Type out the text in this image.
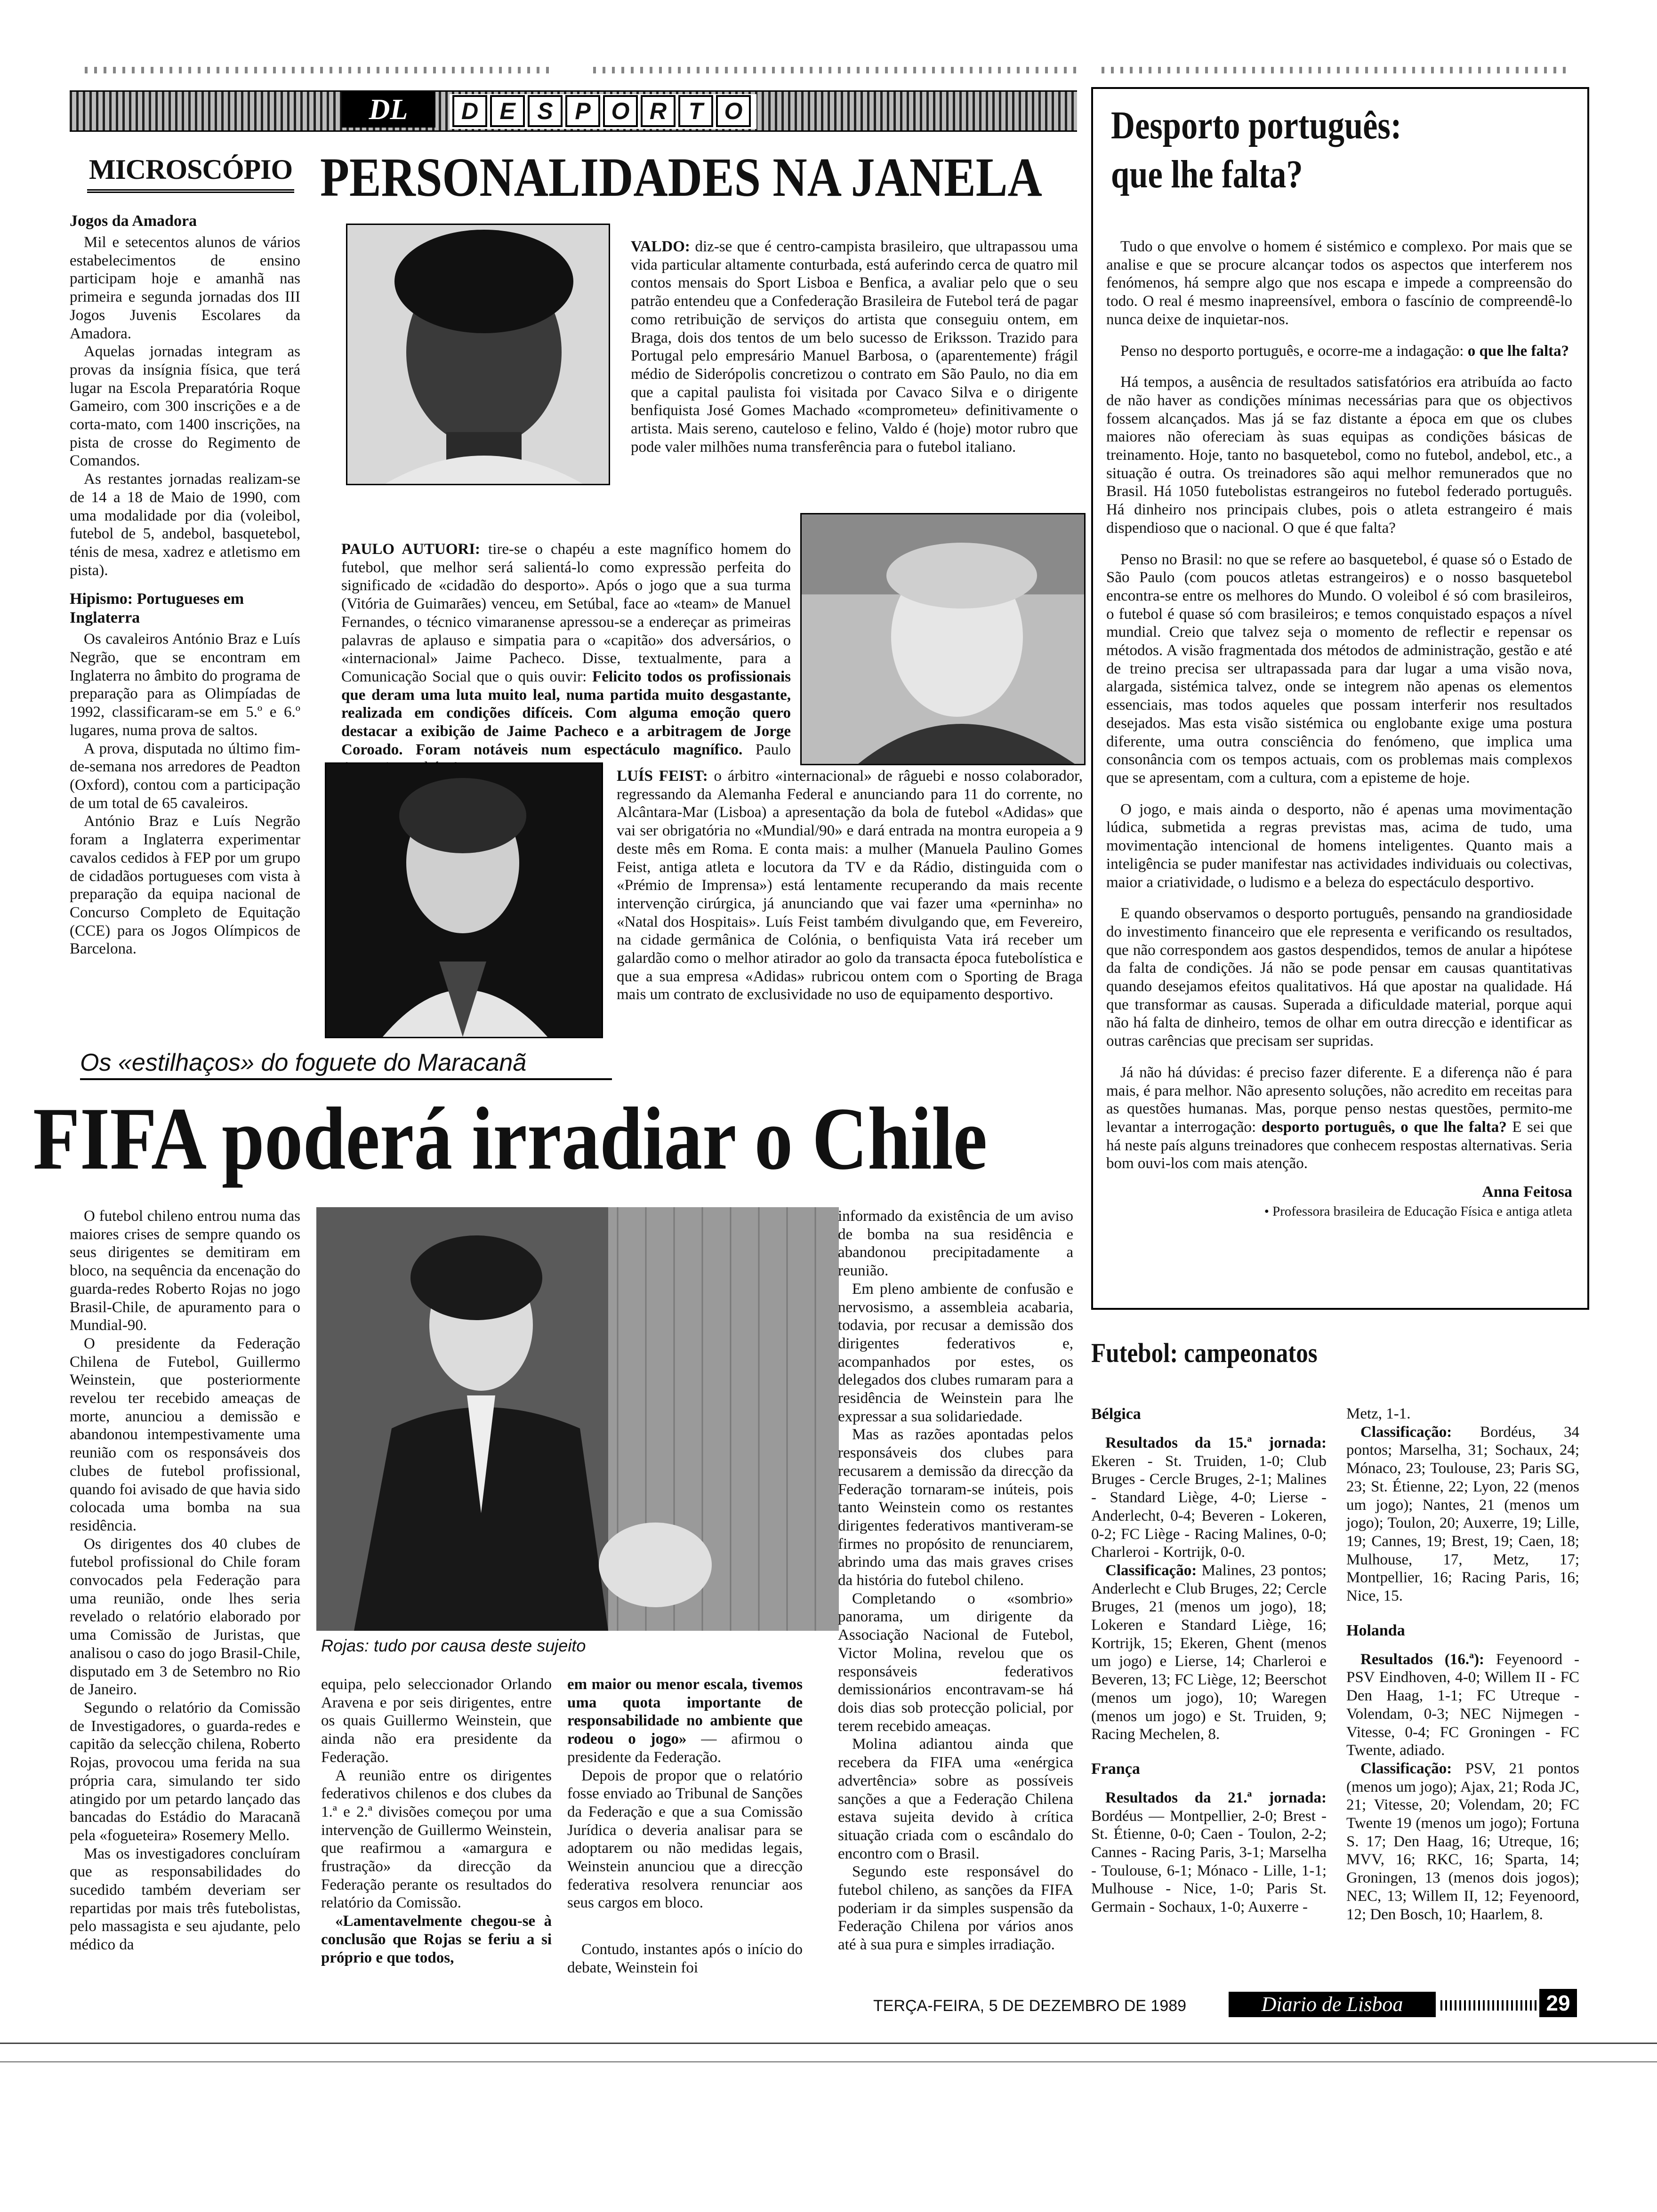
DL	D E S P O R T O
MICROSCÓPIO
Jogos da Amadora

Mil e setecentos alunos de vários estabelecimentos de ensino participam hoje e amanhã nas primeira e segunda jornadas dos III Jogos Juvenis Escolares da Amadora.

Aquelas jornadas integram as provas da insígnia física, que terá lugar na Escola Preparatória Roque Gameiro, com 300 inscrições e a de corta-mato, com 1400 inscrições, na pista de crosse do Regimento de Comandos.

As restantes jornadas realizam-se de 14 a 18 de Maio de 1990, com uma modalidade por dia (voleibol, futebol de 5, andebol, basquetebol, ténis de mesa, xadrez e atletismo em pista).

Hipismo: Portugueses em Inglaterra

Os cavaleiros António Braz e Luís Negrão, que se encontram em Inglaterra no âmbito do programa de preparação para as Olimpíadas de 1992, classificaram-se em 5.º e 6.º lugares, numa prova de saltos.

A prova, disputada no último fim-de-semana nos arredores de Peadton (Oxford), contou com a participação de um total de 65 cavaleiros.

António Braz e Luís Negrão foram a Inglaterra experimentar cavalos cedidos à FEP por um grupo de cidadãos portugueses com vista à preparação da equipa nacional de Concurso Completo de Equitação (CCE) para os Jogos Olímpicos de Barcelona.

PERSONALIDADES NA JANELA

VALDO: diz-se que é centro-campista brasileiro, que ultrapassou uma vida particular altamente conturbada, está auferindo cerca de quatro mil contos mensais do Sport Lisboa e Benfica, a avaliar pelo que o seu patrão entendeu que a Confederação Brasileira de Futebol terá de pagar como retribuição de serviços do artista que conseguiu ontem, em Braga, dois dos tentos de um belo sucesso de Eriksson. Trazido para Portugal pelo empresário Manuel Barbosa, o (aparentemente) frágil médio de Siderópolis concretizou o contrato em São Paulo, no dia em que a capital paulista foi visitada por Cavaco Silva e o dirigente benfiquista José Gomes Machado «comprometeu» definitivamente o artista. Mais sereno, cauteloso e felino, Valdo é (hoje) motor rubro que pode valer milhões numa transferência para o futebol italiano.

PAULO AUTUORI: tire-se o chapéu a este magnífico homem do futebol, que melhor será salientá-lo como expressão perfeita do significado de «cidadão do desporto». Após o jogo que a sua turma (Vitória de Guimarães) venceu, em Setúbal, face ao «team» de Manuel Fernandes, o técnico vimaranense apressou-se a endereçar as primeiras palavras de aplauso e simpatia para o «capitão» dos adversários, o «internacional» Jaime Pacheco. Disse, textualmente, para a Comunicação Social que o quis ouvir: Felicito todos os profissionais que deram uma luta muito leal, numa partida muito desgastante, realizada em condições difíceis. Com alguma emoção quero destacar a exibição de Jaime Pacheco e a arbitragem de Jorge Coroado. Foram notáveis num espectáculo magnífico. Paulo

LUÍS FEIST: o árbitro «internacional» de râguebi e nosso colaborador, regressando da Alemanha Federal e anunciando para 11 do corrente, no Alcântara-Mar (Lisboa) a apresentação da bola de futebol «Adidas» que vai ser obrigatória no «Mundial/90» e dará entrada na montra europeia a 9 deste mês em Roma. E conta mais: a mulher (Manuela Paulino Gomes Feist, antiga atleta e locutora da TV e da Rádio, distinguida com o «Prémio de Imprensa») está lentamente recuperando da mais recente intervenção cirúrgica, já anunciando que vai fazer uma «perninha» no «Natal dos Hospitais». Luís Feist também divulgando que, em Fevereiro, na cidade germânica de Colónia, o benfiquista Vata irá receber um galardão como o melhor atirador ao golo da transacta época futebolística e que a sua empresa «Adidas» rubricou ontem com o Sporting de Braga mais um contrato de exclusividade no uso de equipamento desportivo.

Os «estilhaços» do foguete do Maracanã
FIFA poderá irradiar o Chile
Rojas: tudo por causa deste sujeito

O futebol chileno entrou numa das maiores crises de sempre quando os seus dirigentes se demitiram em bloco, na sequência da encenação do guarda-redes Roberto Rojas no jogo Brasil-Chile, de apuramento para o Mundial-90.

O presidente da Federação Chilena de Futebol, Guillermo Weinstein, que posteriormente revelou ter recebido ameaças de morte, anunciou a demissão e abandonou intempestivamente uma reunião com os responsáveis dos clubes de futebol profissional, quando foi avisado de que havia sido colocada uma bomba na sua residência.

Os dirigentes dos 40 clubes de futebol profissional do Chile foram convocados pela Federação para uma reunião, onde lhes seria revelado o relatório elaborado por uma Comissão de Juristas, que analisou o caso do jogo Brasil-Chile, disputado em 3 de Setembro no Rio de Janeiro.

Segundo o relatório da Comissão de Investigadores, o guarda-redes e capitão da selecção chilena, Roberto Rojas, provocou uma ferida na sua própria cara, simulando ter sido atingido por um petardo lançado das bancadas do Estádio do Maracanã pela «fogueteira» Rosemery Mello.

Mas os investigadores concluíram que as responsabilidades do sucedido também deveriam ser repartidas por mais três futebolistas, pelo massagista e seu ajudante, pelo médico da

equipa, pelo seleccionador Orlando Aravena e por seis dirigentes, entre os quais Guillermo Weinstein, que ainda não era presidente da Federação.

A reunião entre os dirigentes federativos chilenos e dos clubes da 1.ª e 2.ª divisões começou por uma intervenção de Guillermo Weinstein, que reafirmou a «amargura e frustração» da direcção da Federação perante os resultados do relatório da Comissão.

«Lamentavelmente chegou-se à conclusão que Rojas se feriu a si próprio e que todos,

em maior ou menor escala, tivemos uma quota importante de responsabilidade no ambiente que rodeou o jogo» — afirmou o presidente da Federação.

Depois de propor que o relatório fosse enviado ao Tribunal de Sanções da Federação e que a sua Comissão Jurídica o deveria analisar para se adoptarem ou não medidas legais, Weinstein anunciou que a direcção federativa resolvera renunciar aos seus cargos em bloco.

Contudo, instantes após o início do debate, Weinstein foi

informado da existência de um aviso de bomba na sua residência e abandonou precipitadamente a reunião.

Em pleno ambiente de confusão e nervosismo, a assembleia acabaria, todavia, por recusar a demissão dos dirigentes federativos e, acompanhados por estes, os delegados dos clubes rumaram para a residência de Weinstein para lhe expressar a sua solidariedade.

Mas as razões apontadas pelos responsáveis dos clubes para recusarem a demissão da direcção da Federação tornaram-se inúteis, pois tanto Weinstein como os restantes dirigentes federativos mantiveram-se firmes no propósito de renunciarem, abrindo uma das mais graves crises da história do futebol chileno.

Completando o «sombrio» panorama, um dirigente da Associação Nacional de Futebol, Victor Molina, revelou que os responsáveis federativos demissionários encontravam-se há dois dias sob protecção policial, por terem recebido ameaças.

Molina adiantou ainda que recebera da FIFA uma «enérgica advertência» sobre as possíveis sanções a que a Federação Chilena estava sujeita devido à crítica situação criada com o escândalo do encontro com o Brasil.

Segundo este responsável do futebol chileno, as sanções da FIFA poderiam ir da simples suspensão da Federação Chilena por vários anos até à sua pura e simples irradiação.

Desporto português:
que lhe falta?

Tudo o que envolve o homem é sistémico e complexo. Por mais que se analise e que se procure alcançar todos os aspectos que interferem nos fenómenos, há sempre algo que nos escapa e impede a compreensão do todo. O real é mesmo inapreensível, embora o fascínio de compreendê-lo nunca deixe de inquietar-nos.

Penso no desporto português, e ocorre-me a indagação: o que lhe falta?

Há tempos, a ausência de resultados satisfatórios era atribuída ao facto de não haver as condições mínimas necessárias para que os objectivos fossem alcançados. Mas já se faz distante a época em que os clubes maiores não ofereciam às suas equipas as condições básicas de treinamento. Hoje, tanto no basquetebol, como no futebol, andebol, etc., a situação é outra. Os treinadores são aqui melhor remunerados que no Brasil. Há 1050 futebolistas estrangeiros no futebol federado português. Há dinheiro nos principais clubes, pois o atleta estrangeiro é mais dispendioso que o nacional. O que é que falta?

Penso no Brasil: no que se refere ao basquetebol, é quase só o Estado de São Paulo (com poucos atletas estrangeiros) e o nosso basquetebol encontra-se entre os melhores do Mundo. O voleibol é só com brasileiros, o futebol é quase só com brasileiros; e temos conquistado espaços a nível mundial. Creio que talvez seja o momento de reflectir e repensar os métodos. A visão fragmentada dos métodos de administração, gestão e até de treino precisa ser ultrapassada para dar lugar a uma visão nova, alargada, sistémica talvez, onde se integrem não apenas os elementos essenciais, mas todos aqueles que possam interferir nos resultados desejados. Mas esta visão sistémica ou englobante exige uma postura diferente, uma outra consciência do fenómeno, que implica uma consonância com os tempos actuais, com os problemas mais complexos que se apresentam, com a cultura, com a episteme de hoje.

O jogo, e mais ainda o desporto, não é apenas uma movimentação lúdica, submetida a regras previstas mas, acima de tudo, uma movimentação intencional de homens inteligentes. Quanto mais a inteligência se puder manifestar nas actividades individuais ou colectivas, maior a criatividade, o ludismo e a beleza do espectáculo desportivo.

E quando observamos o desporto português, pensando na grandiosidade do investimento financeiro que ele representa e verificando os resultados, que não correspondem aos gastos despendidos, temos de anular a hipótese da falta de condições. Já não se pode pensar em causas quantitativas quando desejamos efeitos qualitativos. Há que apostar na qualidade. Há que transformar as causas. Superada a dificuldade material, porque aqui não há falta de dinheiro, temos de olhar em outra direcção e identificar as outras carências que precisam ser supridas.

Já não há dúvidas: é preciso fazer diferente. E a diferença não é para mais, é para melhor. Não apresento soluções, não acredito em receitas para as questões humanas. Mas, porque penso nestas questões, permito-me levantar a interrogação: desporto português, o que lhe falta? E sei que há neste país alguns treinadores que conhecem respostas alternativas. Seria bom ouvi-los com mais atenção.

Anna Feitosa

• Professora brasileira de Educação Física e antiga atleta

Futebol: campeonatos
Bélgica

Resultados da 15.ª jornada: Ekeren - St. Truiden, 1-0; Club Bruges - Cercle Bruges, 2-1; Malines - Standard Liège, 4-0; Lierse - Anderlecht, 0-4; Beveren - Lokeren, 0-2; FC Liège - Racing Malines, 0-0; Charleroi - Kortrijk, 0-0.

Classificação: Malines, 23 pontos; Anderlecht e Club Bruges, 22; Cercle Bruges, 21 (menos um jogo), 18; Lokeren e Standard Liège, 16; Kortrijk, 15; Ekeren, Ghent (menos um jogo) e Lierse, 14; Charleroi e Beveren, 13; FC Liège, 12; Beerschot (menos um jogo), 10; Waregen (menos um jogo) e St. Truiden, 9; Racing Mechelen, 8.

França

Resultados da 21.ª jornada: Bordéus — Montpellier, 2-0; Brest - St. Étienne, 0-0; Caen - Toulon, 2-2; Cannes - Racing Paris, 3-1; Marselha - Toulouse, 6-1; Mónaco - Lille, 1-1; Mulhouse - Nice, 1-0; Paris St. Germain - Sochaux, 1-0; Auxerre -

Metz, 1-1.

Classificação: Bordéus, 34 pontos; Marselha, 31; Sochaux, 24; Mónaco, 23; Toulouse, 23; Paris SG, 23; St. Étienne, 22; Lyon, 22 (menos um jogo); Nantes, 21 (menos um jogo); Toulon, 20; Auxerre, 19; Lille, 19; Cannes, 19; Brest, 19; Caen, 18; Mulhouse, 17, Metz, 17; Montpellier, 16; Racing Paris, 16; Nice, 15.

Holanda

Resultados (16.ª): Feyenoord - PSV Eindhoven, 4-0; Willem II - FC Den Haag, 1-1; FC Utreque - Volendam, 0-3; NEC Nijmegen - Vitesse, 0-4; FC Groningen - FC Twente, adiado.

Classificação: PSV, 21 pontos (menos um jogo); Ajax, 21; Roda JC, 21; Vitesse, 20; Volendam, 20; FC Twente 19 (menos um jogo); Fortuna S. 17; Den Haag, 16; Utreque, 16; MVV, 16; RKC, 16; Sparta, 14; Groningen, 13 (menos dois jogos); NEC, 13; Willem II, 12; Feyenoord, 12; Den Bosch, 10; Haarlem, 8.

TERÇA-FEIRA, 5 DE DEZEMBRO DE 1989	Diario de Lisboa	29
